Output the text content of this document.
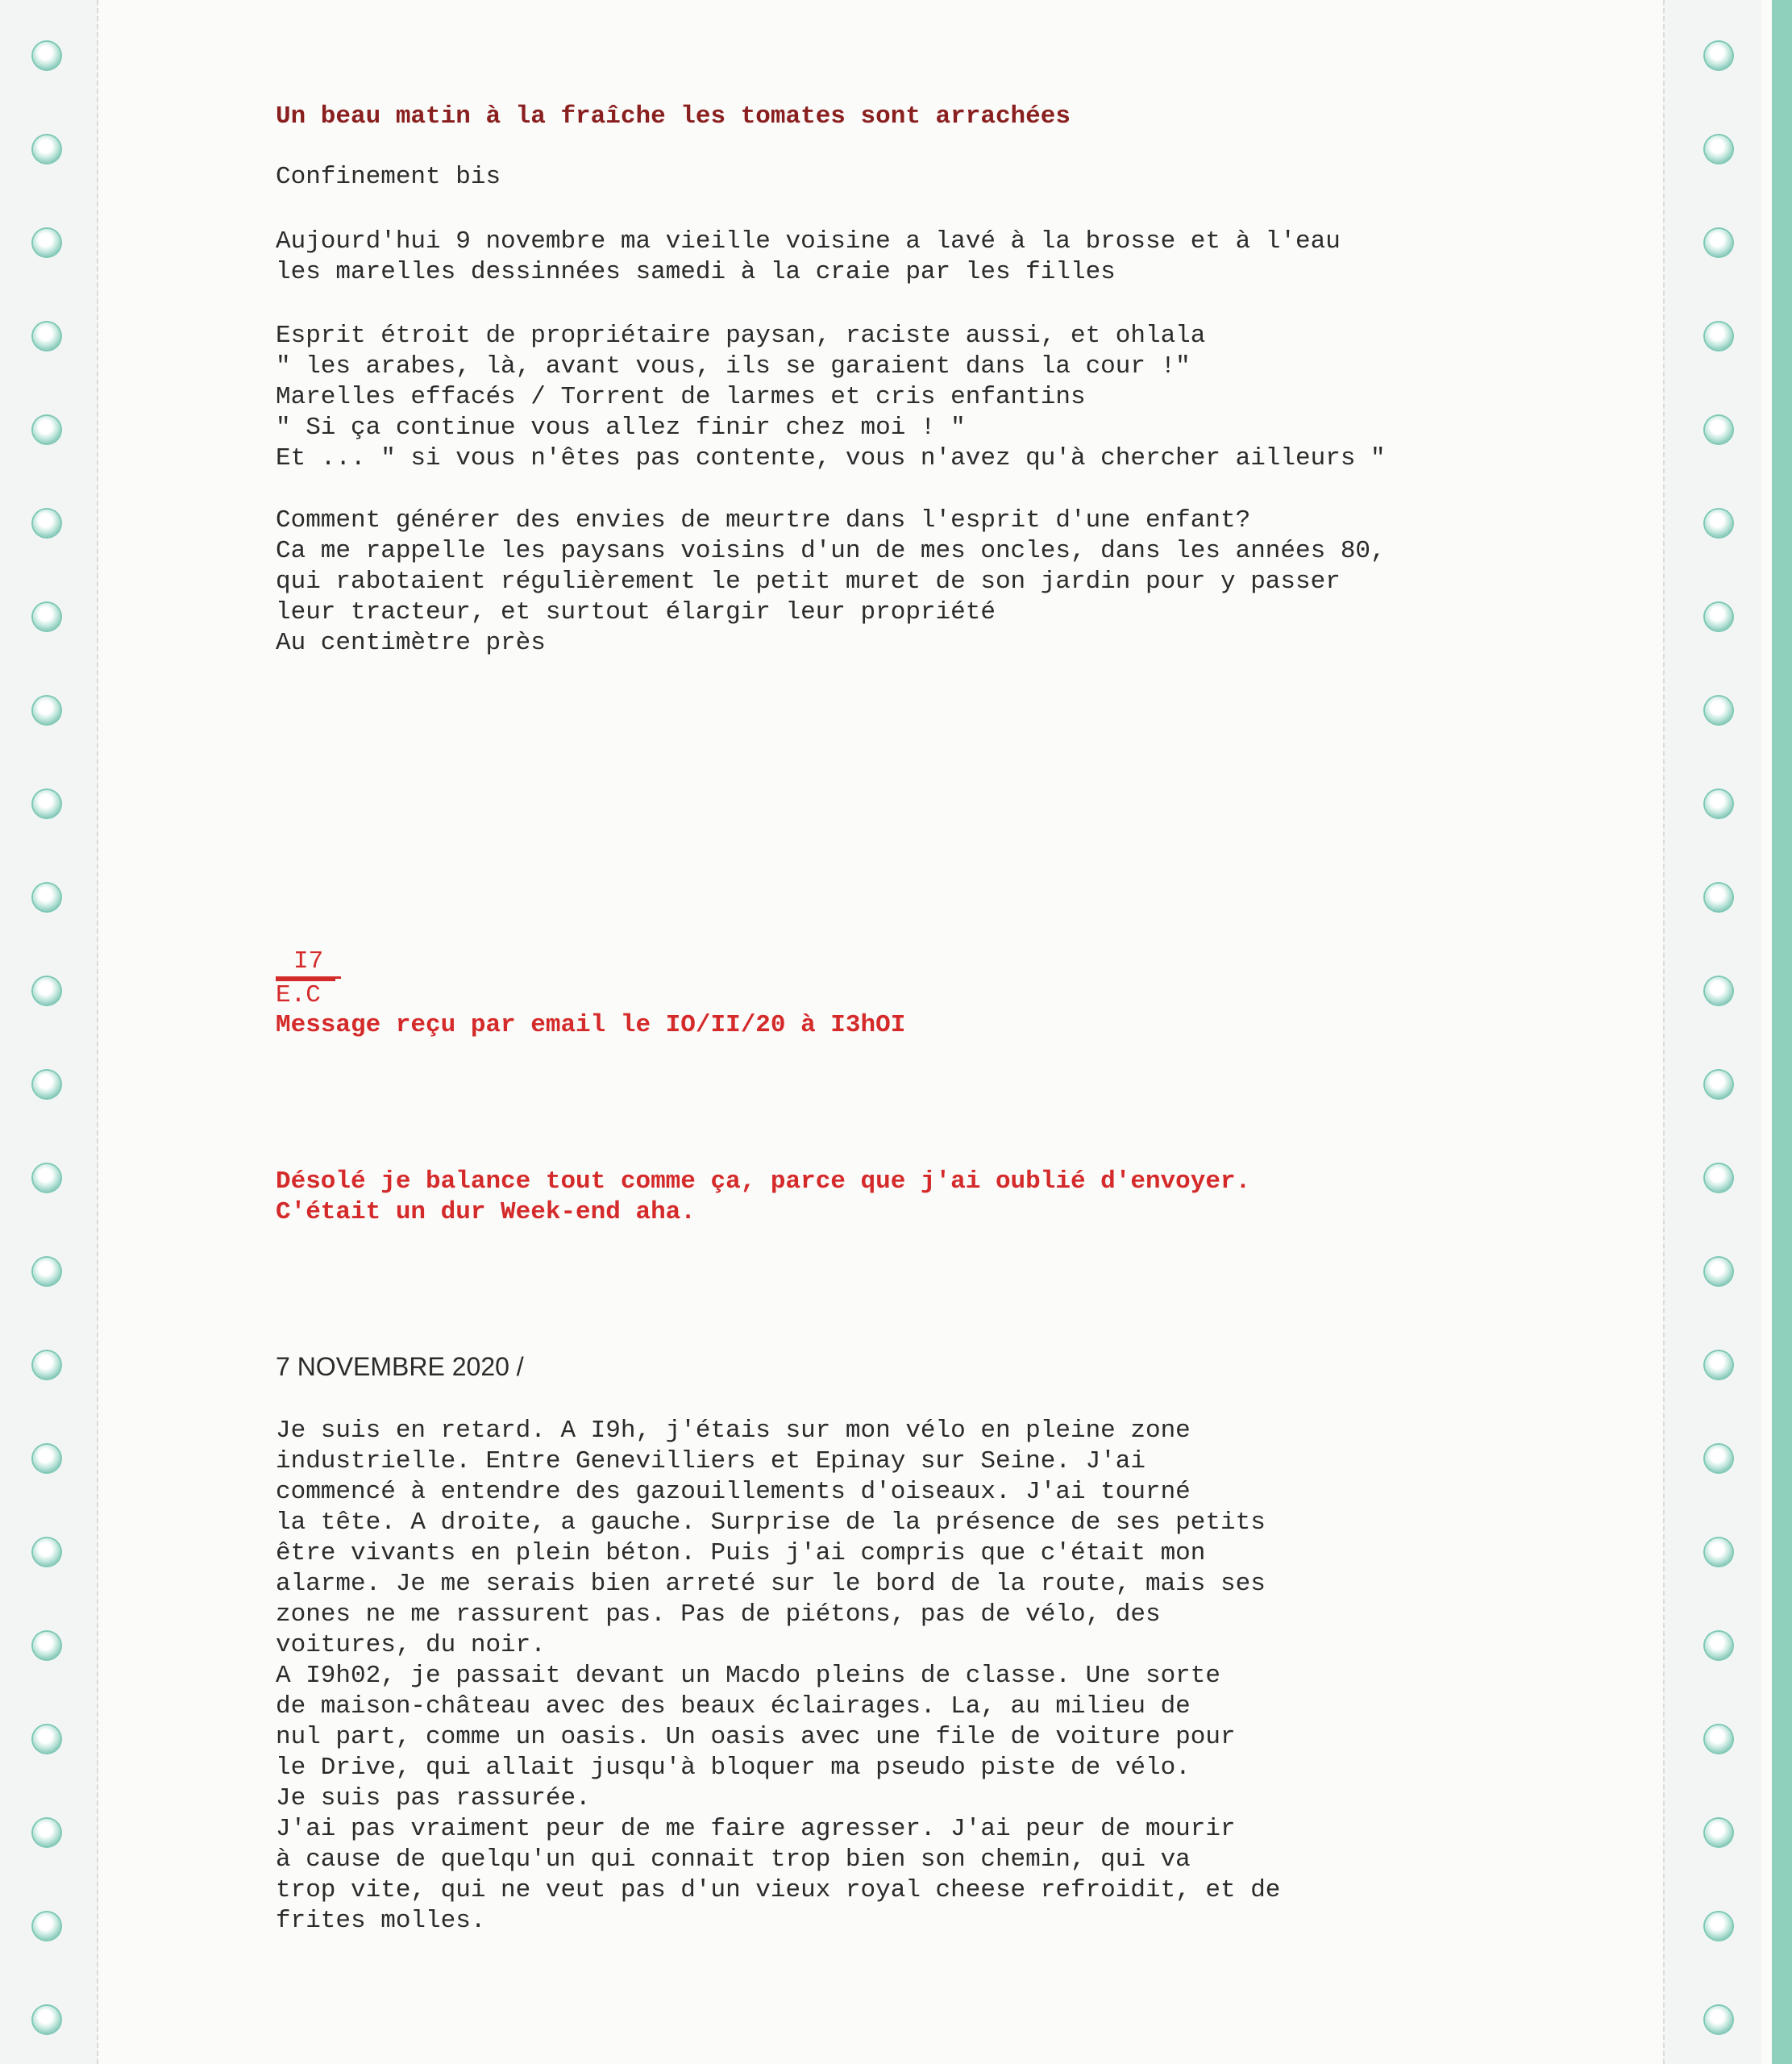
Un beau matin à la fraîche les tomates sont arrachées
Confinement bis
Aujourd'hui 9 novembre ma vieille voisine a lavé à la brosse et à l'eau
les marelles dessinnées samedi à la craie par les filles
Esprit étroit de propriétaire paysan, raciste aussi, et ohlala
" les arabes, là, avant vous, ils se garaient dans la cour !"
Marelles effacés / Torrent de larmes et cris enfantins
" Si ça continue vous allez finir chez moi ! "
Et ... " si vous n'êtes pas contente, vous n'avez qu'à chercher ailleurs "
Comment générer des envies de meurtre dans l'esprit d'une enfant?
Ca me rappelle les paysans voisins d'un de mes oncles, dans les années 80,
qui rabotaient régulièrement le petit muret de son jardin pour y passer
leur tracteur, et surtout élargir leur propriété
Au centimètre près
I7
E.C
Message reçu par email le IO/II/20 à I3hOI
Désolé je balance tout comme ça, parce que j'ai oublié d'envoyer.
C'était un dur Week-end aha.
7 NOVEMBRE 2020 /
Je suis en retard. A I9h, j'étais sur mon vélo en pleine zone
industrielle. Entre Genevilliers et Epinay sur Seine. J'ai
commencé à entendre des gazouillements d'oiseaux. J'ai tourné
la tête. A droite, a gauche. Surprise de la présence de ses petits
être vivants en plein béton. Puis j'ai compris que c'était mon
alarme. Je me serais bien arreté sur le bord de la route, mais ses
zones ne me rassurent pas. Pas de piétons, pas de vélo, des
voitures, du noir.
A I9h02, je passait devant un Macdo pleins de classe. Une sorte
de maison-château avec des beaux éclairages. La, au milieu de
nul part, comme un oasis. Un oasis avec une file de voiture pour
le Drive, qui allait jusqu'à bloquer ma pseudo piste de vélo.
Je suis pas rassurée.
J'ai pas vraiment peur de me faire agresser. J'ai peur de mourir
à cause de quelqu'un qui connait trop bien son chemin, qui va
trop vite, qui ne veut pas d'un vieux royal cheese refroidit, et de
frites molles.
